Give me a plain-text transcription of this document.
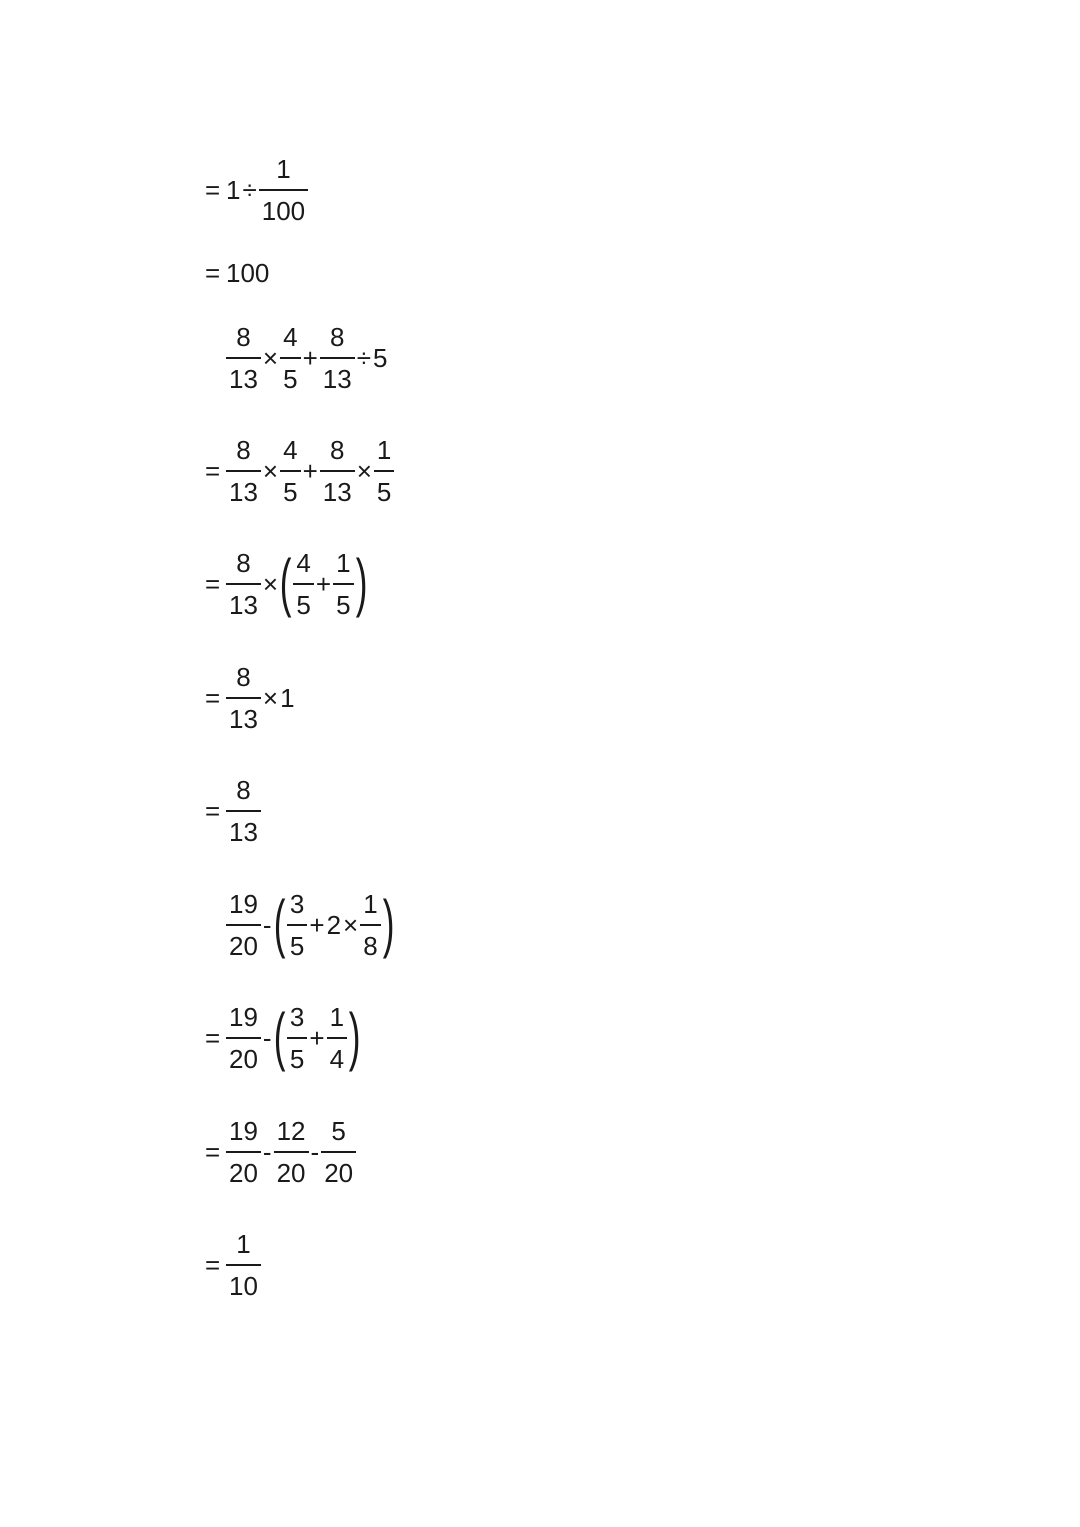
= $1 \div \frac{1}{100}$
= 100
$\frac{8}{13} \times \frac{4}{5} + \frac{8}{13} \div 5$
= $\frac{8}{13} \times \frac{4}{5} + \frac{8}{13} \times \frac{1}{5}$
= $\frac{8}{13}$ × ( $\frac{4}{5} + \frac{1}{5}$ )
= $\frac{8}{13} \times 1$
= $\frac{8}{13}$
$\frac{19}{20}$ - ( $\frac{3}{5} + 2 \times \frac{1}{8}$ )
= $\frac{19}{20}$ - ( $\frac{3}{5} + \frac{1}{4}$ )
= $\frac{19}{20} - \frac{12}{20} - \frac{5}{20}$
= $\frac{1}{10}$
